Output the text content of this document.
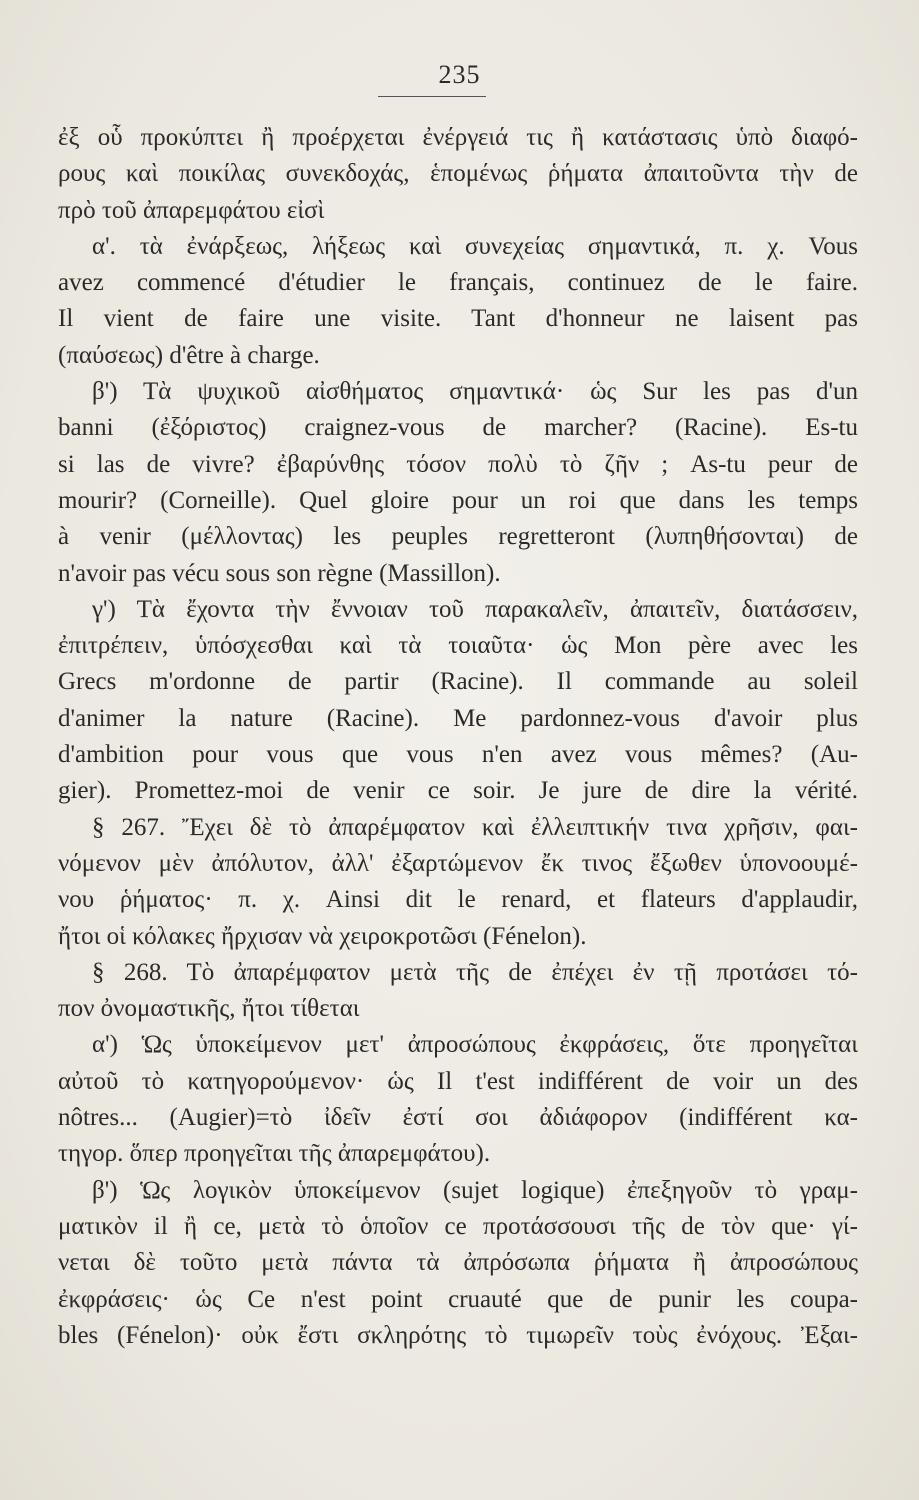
235
ἐξ οὗ προκύπτει ἢ προέρχεται ἐνέργειά τις ἢ κατάστασις ὑπὸ διαφό-
ρους καὶ ποικίλας συνεκδοχάς, ἑπομένως ῥήματα ἀπαιτοῦντα τὴν de
πρὸ τοῦ ἀπαρεμφάτου εἰσὶ
α'. τὰ ἐνάρξεως, λήξεως καὶ συνεχείας σημαντικά, π. χ. Vous
avez commencé d'étudier le français, continuez de le faire.
Il vient de faire une visite. Tant d'honneur ne laisent pas
(παύσεως) d'être à charge.
β') Τὰ ψυχικοῦ αἰσθήματος σημαντικά· ὡς Sur les pas d'un
banni (ἐξόριστος) craignez-vous de marcher? (Racine). Es-tu
si las de vivre? ἐβαρύνθης τόσον πολὺ τὸ ζῆν ; As-tu peur de
mourir? (Corneille). Quel gloire pour un roi que dans les temps
à venir (μέλλοντας) les peuples regretteront (λυπηθήσονται) de
n'avoir pas vécu sous son règne (Massillon).
γ') Τὰ ἔχοντα τὴν ἔννοιαν τοῦ παρακαλεῖν, ἀπαιτεῖν, διατάσσειν,
ἐπιτρέπειν, ὑπόσχεσθαι καὶ τὰ τοιαῦτα· ὡς Mon père avec les
Grecs m'ordonne de partir (Racine). Il commande au soleil
d'animer la nature (Racine). Me pardonnez-vous d'avoir plus
d'ambition pour vous que vous n'en avez vous mêmes? (Au-
gier). Promettez-moi de venir ce soir. Je jure de dire la vérité.
§ 267. Ἔχει δὲ τὸ ἀπαρέμφατον καὶ ἐλλειπτικήν τινα χρῆσιν, φαι-
νόμενον μὲν ἀπόλυτον, ἀλλ' ἐξαρτώμενον ἔκ τινος ἔξωθεν ὑπονοουμέ-
νου ῥήματος· π. χ. Ainsi dit le renard, et flateurs d'applaudir,
ἤτοι οἱ κόλακες ἤρχισαν νὰ χειροκροτῶσι (Fénelon).
§ 268. Τὸ ἀπαρέμφατον μετὰ τῆς de ἐπέχει ἐν τῇ προτάσει τό-
πον ὀνομαστικῆς, ἤτοι τίθεται
α') Ὡς ὑποκείμενον μετ' ἀπροσώπους ἐκφράσεις, ὅτε προηγεῖται
αὐτοῦ τὸ κατηγορούμενον· ὡς Il t'est indifférent de voir un des
nôtres... (Augier)=τὸ ἰδεῖν ἐστί σοι ἀδιάφορον (indifférent κα-
τηγορ. ὅπερ προηγεῖται τῆς ἀπαρεμφάτου).
β') Ὡς λογικὸν ὑποκείμενον (sujet logique) ἐπεξηγοῦν τὸ γραμ-
ματικὸν il ἢ ce, μετὰ τὸ ὁποῖον ce προτάσσουσι τῆς de τὸν que· γί-
νεται δὲ τοῦτο μετὰ πάντα τὰ ἀπρόσωπα ῥήματα ἢ ἀπροσώπους
ἐκφράσεις· ὡς Ce n'est point cruauté que de punir les coupa-
bles (Fénelon)· οὐκ ἔστι σκληρότης τὸ τιμωρεῖν τοὺς ἐνόχους. Ἐξαι-
